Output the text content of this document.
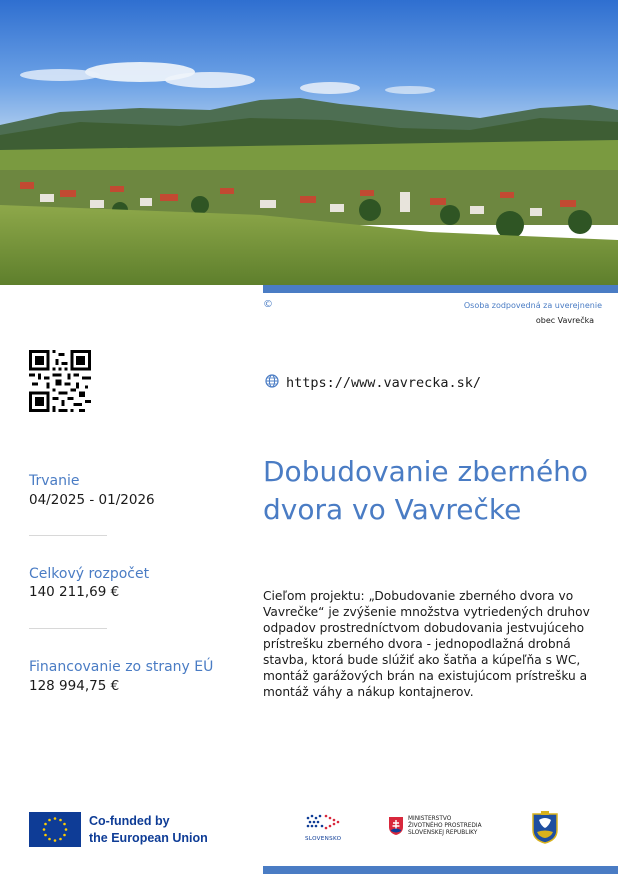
©	Osoba zodpovedná za uverejnenie
obec Vavrečka
https://www.vavrecka.sk/
Trvanie
04/2025 - 01/2026
Celkový rozpočet
140 211,69 €
Financovanie zo strany EÚ
128 994,75 €
Dobudovanie zberného dvora vo Vavrečke
Cieľom projektu: „Dobudovanie zberného dvora vo Vavrečke“ je zvýšenie množstva vytriedených druhov odpadov prostredníctvom dobudovania jestvujúceho prístrešku zberného dvora - jednopodlažná drobná stavba, ktorá bude slúžiť ako šatňa a kúpeľňa s WC, montáž garážových brán na existujúcom prístrešku a montáž váhy a nákup kontajnerov.
Co-funded by
the European Union	SLOVENSKO
MINISTERSTVO
ŽIVOTNÉHO PROSTREDIA
SLOVENSKEJ REPUBLIKY
